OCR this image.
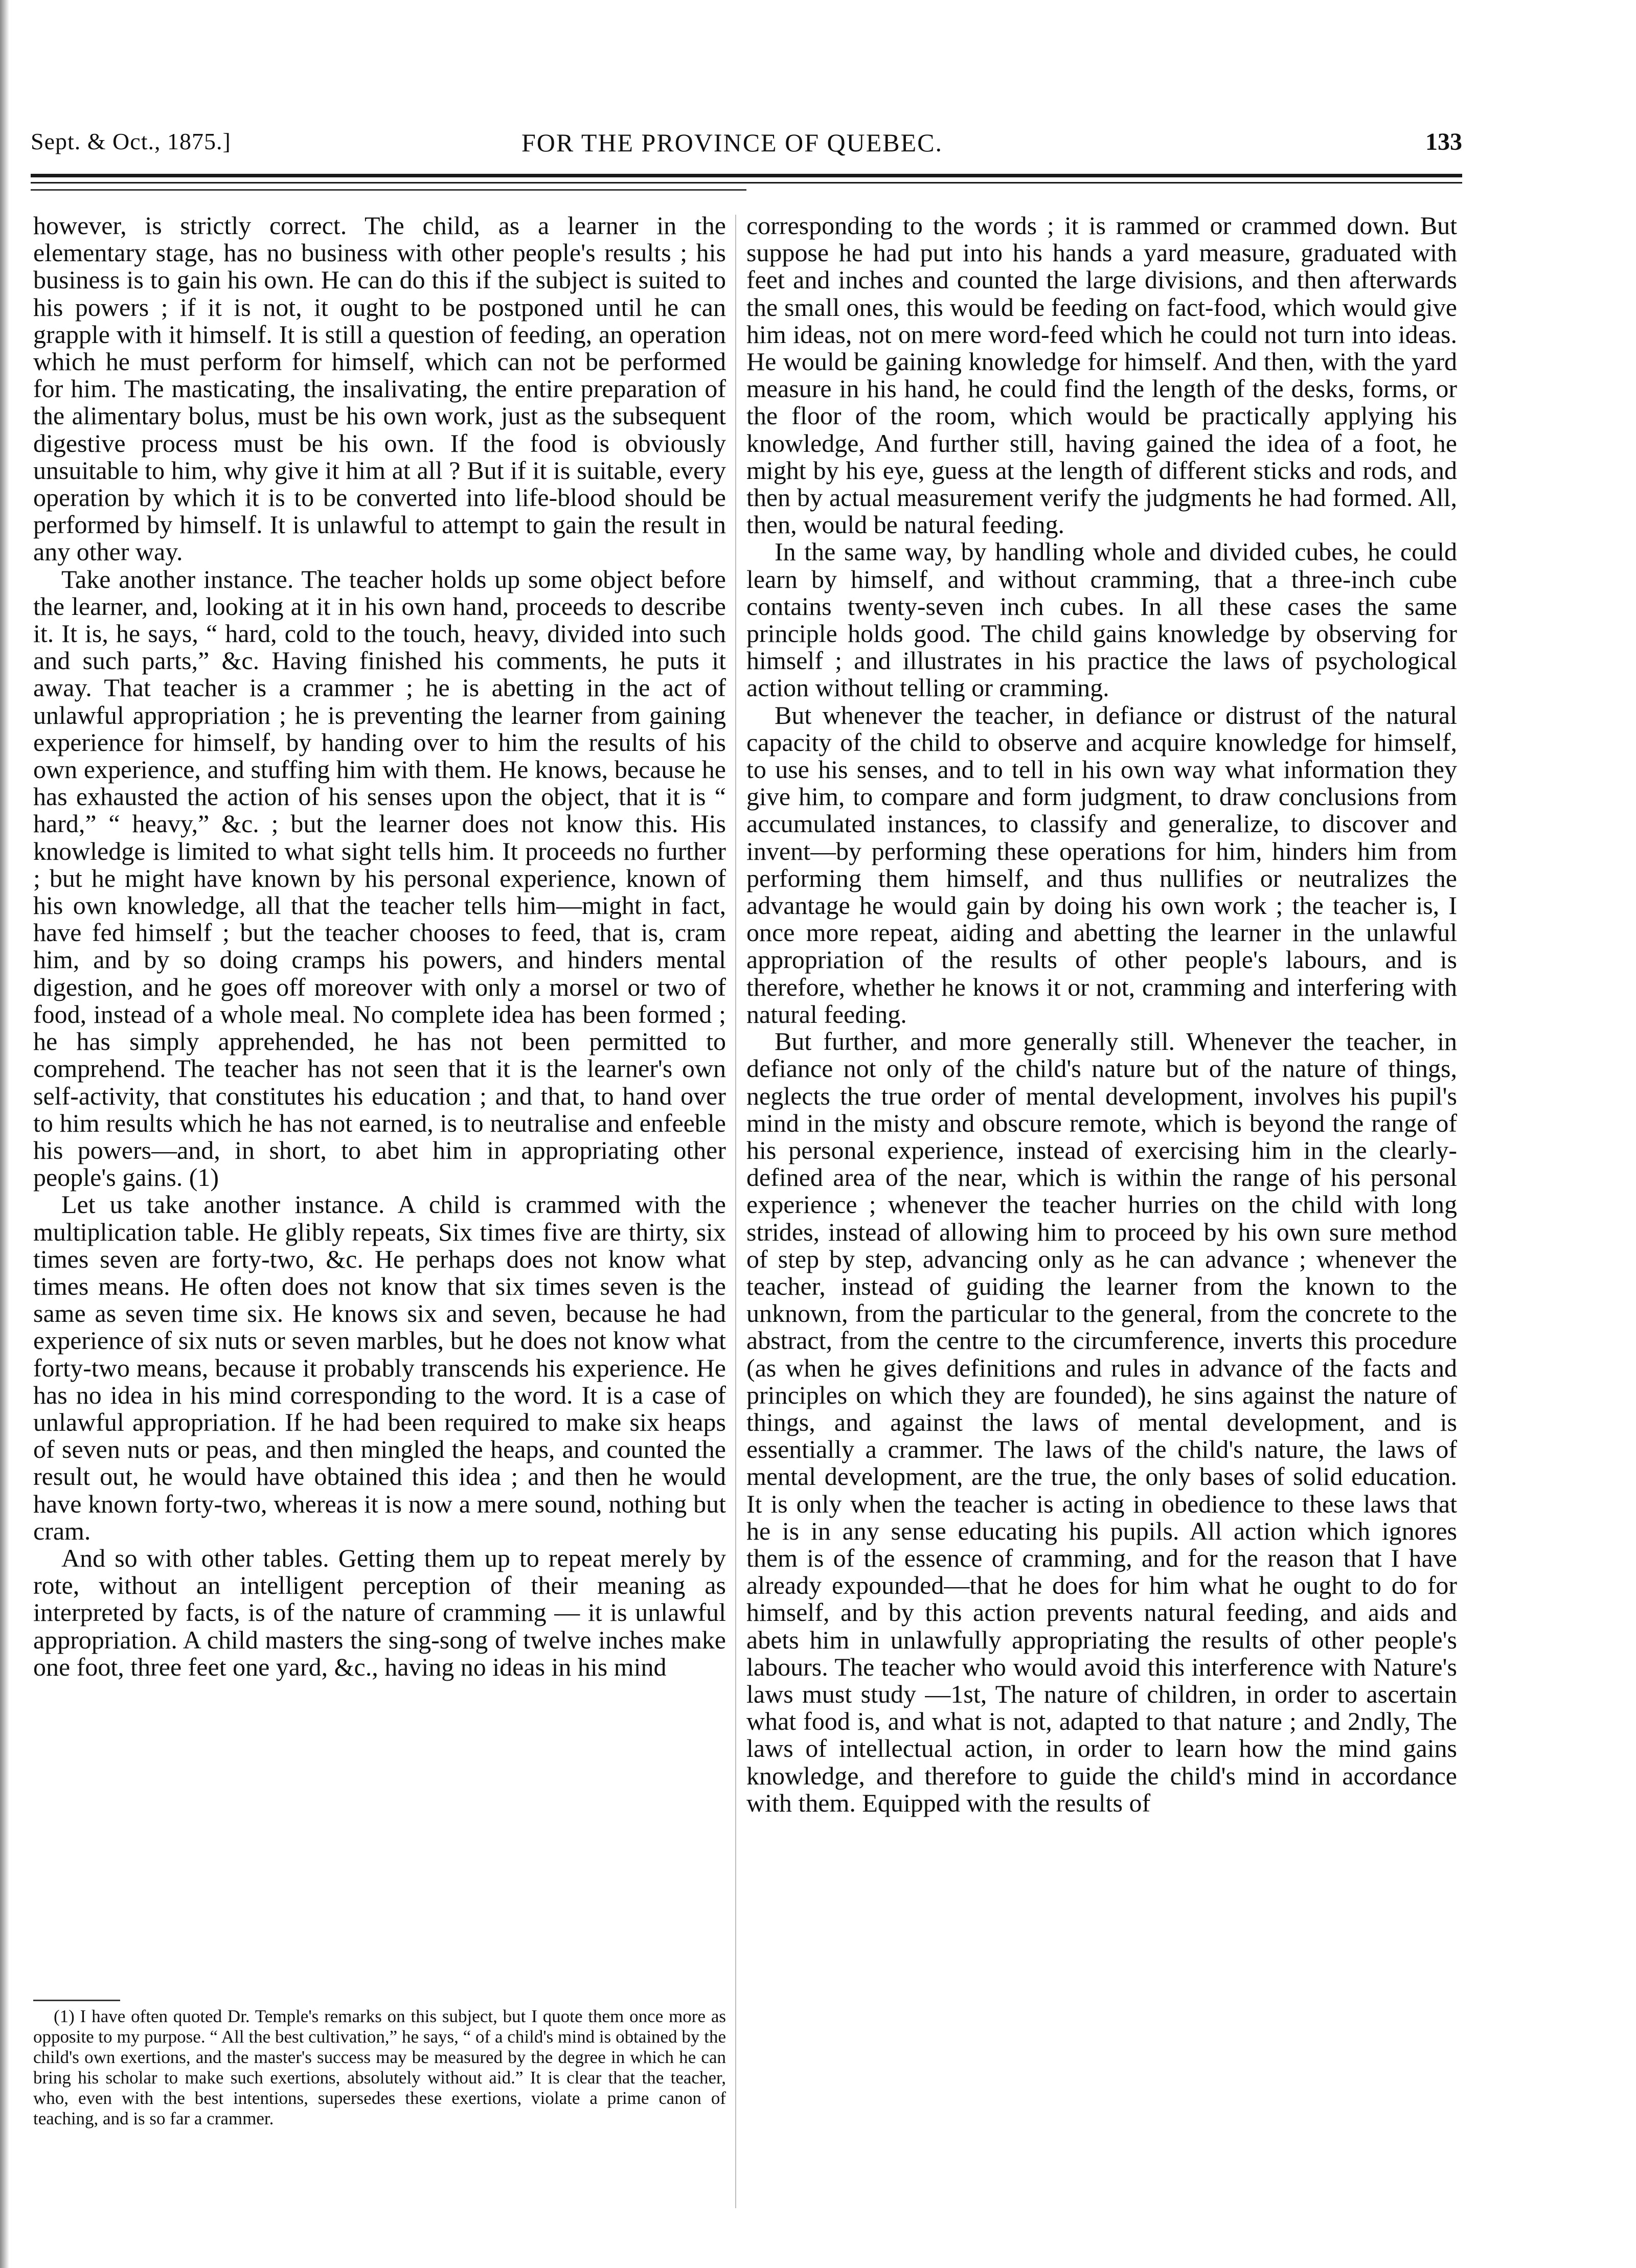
Sept. & Oct., 1875.]	FOR THE PROVINCE OF QUEBEC.	133

however, is strictly correct. The child, as a learner in the elementary stage, has no business with other people's results ; his business is to gain his own. He can do this if the subject is suited to his powers ; if it is not, it ought to be postponed until he can grapple with it himself. It is still a question of feeding, an operation which he must perform for himself, which can not be performed for him. The masticating, the insalivating, the entire preparation of the alimentary bolus, must be his own work, just as the subsequent digestive process must be his own. If the food is obviously unsuitable to him, why give it him at all ? But if it is suitable, every operation by which it is to be converted into life-blood should be performed by himself. It is unlawful to attempt to gain the result in any other way.

Take another instance. The teacher holds up some object before the learner, and, looking at it in his own hand, proceeds to describe it. It is, he says, “ hard, cold to the touch, heavy, divided into such and such parts,” &c. Having finished his comments, he puts it away. That teacher is a crammer ; he is abetting in the act of unlawful appropriation ; he is preventing the learner from gaining experience for himself, by handing over to him the results of his own experience, and stuffing him with them. He knows, because he has exhausted the action of his senses upon the object, that it is “ hard,” “ heavy,” &c. ; but the learner does not know this. His knowledge is limited to what sight tells him. It proceeds no further ; but he might have known by his personal experience, known of his own knowledge, all that the teacher tells him—might in fact, have fed himself ; but the teacher chooses to feed, that is, cram him, and by so doing cramps his powers, and hinders mental digestion, and he goes off moreover with only a morsel or two of food, instead of a whole meal. No complete idea has been formed ; he has simply apprehended, he has not been permitted to comprehend. The teacher has not seen that it is the learner's own self-activity, that constitutes his education ; and that, to hand over to him results which he has not earned, is to neutralise and enfeeble his powers—and, in short, to abet him in appropriating other people's gains. (1)

Let us take another instance. A child is crammed with the multiplication table. He glibly repeats, Six times five are thirty, six times seven are forty-two, &c. He perhaps does not know what times means. He often does not know that six times seven is the same as seven time six. He knows six and seven, because he had experience of six nuts or seven marbles, but he does not know what forty-two means, because it probably transcends his experience. He has no idea in his mind corresponding to the word. It is a case of unlawful appropriation. If he had been required to make six heaps of seven nuts or peas, and then mingled the heaps, and counted the result out, he would have obtained this idea ; and then he would have known forty-two, whereas it is now a mere sound, nothing but cram.

And so with other tables. Getting them up to repeat merely by rote, without an intelligent perception of their meaning as interpreted by facts, is of the nature of cramming — it is unlawful appropriation. A child masters the sing-song of twelve inches make one foot, three feet one yard, &c., having no ideas in his mind

corresponding to the words ; it is rammed or crammed down. But suppose he had put into his hands a yard measure, graduated with feet and inches and counted the large divisions, and then afterwards the small ones, this would be feeding on fact-food, which would give him ideas, not on mere word-feed which he could not turn into ideas. He would be gaining knowledge for himself. And then, with the yard measure in his hand, he could find the length of the desks, forms, or the floor of the room, which would be practically applying his knowledge, And further still, having gained the idea of a foot, he might by his eye, guess at the length of different sticks and rods, and then by actual measurement verify the judgments he had formed. All, then, would be natural feeding.

In the same way, by handling whole and divided cubes, he could learn by himself, and without cramming, that a three-inch cube contains twenty-seven inch cubes. In all these cases the same principle holds good. The child gains knowledge by observing for himself ; and illustrates in his practice the laws of psychological action without telling or cramming.

But whenever the teacher, in defiance or distrust of the natural capacity of the child to observe and acquire knowledge for himself, to use his senses, and to tell in his own way what information they give him, to compare and form judgment, to draw conclusions from accumulated instances, to classify and generalize, to discover and invent—by performing these operations for him, hinders him from performing them himself, and thus nullifies or neutralizes the advantage he would gain by doing his own work ; the teacher is, I once more repeat, aiding and abetting the learner in the unlawful appropriation of the results of other people's labours, and is therefore, whether he knows it or not, cramming and interfering with natural feeding.

But further, and more generally still. Whenever the teacher, in defiance not only of the child's nature but of the nature of things, neglects the true order of mental development, involves his pupil's mind in the misty and obscure remote, which is beyond the range of his personal experience, instead of exercising him in the clearly-defined area of the near, which is within the range of his personal experience ; whenever the teacher hurries on the child with long strides, instead of allowing him to proceed by his own sure method of step by step, advancing only as he can advance ; whenever the teacher, instead of guiding the learner from the known to the unknown, from the particular to the general, from the concrete to the abstract, from the centre to the circumference, inverts this procedure (as when he gives definitions and rules in advance of the facts and principles on which they are founded), he sins against the nature of things, and against the laws of mental development, and is essentially a crammer. The laws of the child's nature, the laws of mental development, are the true, the only bases of solid education. It is only when the teacher is acting in obedience to these laws that he is in any sense educating his pupils. All action which ignores them is of the essence of cramming, and for the reason that I have already expounded—that he does for him what he ought to do for himself, and by this action prevents natural feeding, and aids and abets him in unlawfully appropriating the results of other people's labours. The teacher who would avoid this interference with Nature's laws must study —1st, The nature of children, in order to ascertain what food is, and what is not, adapted to that nature ; and 2ndly, The laws of intellectual action, in order to learn how the mind gains knowledge, and therefore to guide the child's mind in accordance with them. Equipped with the results of

(1) I have often quoted Dr. Temple's remarks on this subject, but I quote them once more as opposite to my purpose. “ All the best cultivation,” he says, “ of a child's mind is obtained by the child's own exertions, and the master's success may be measured by the degree in which he can bring his scholar to make such exertions, absolutely without aid.” It is clear that the teacher, who, even with the best intentions, supersedes these exertions, violate a prime canon of teaching, and is so far a crammer.
